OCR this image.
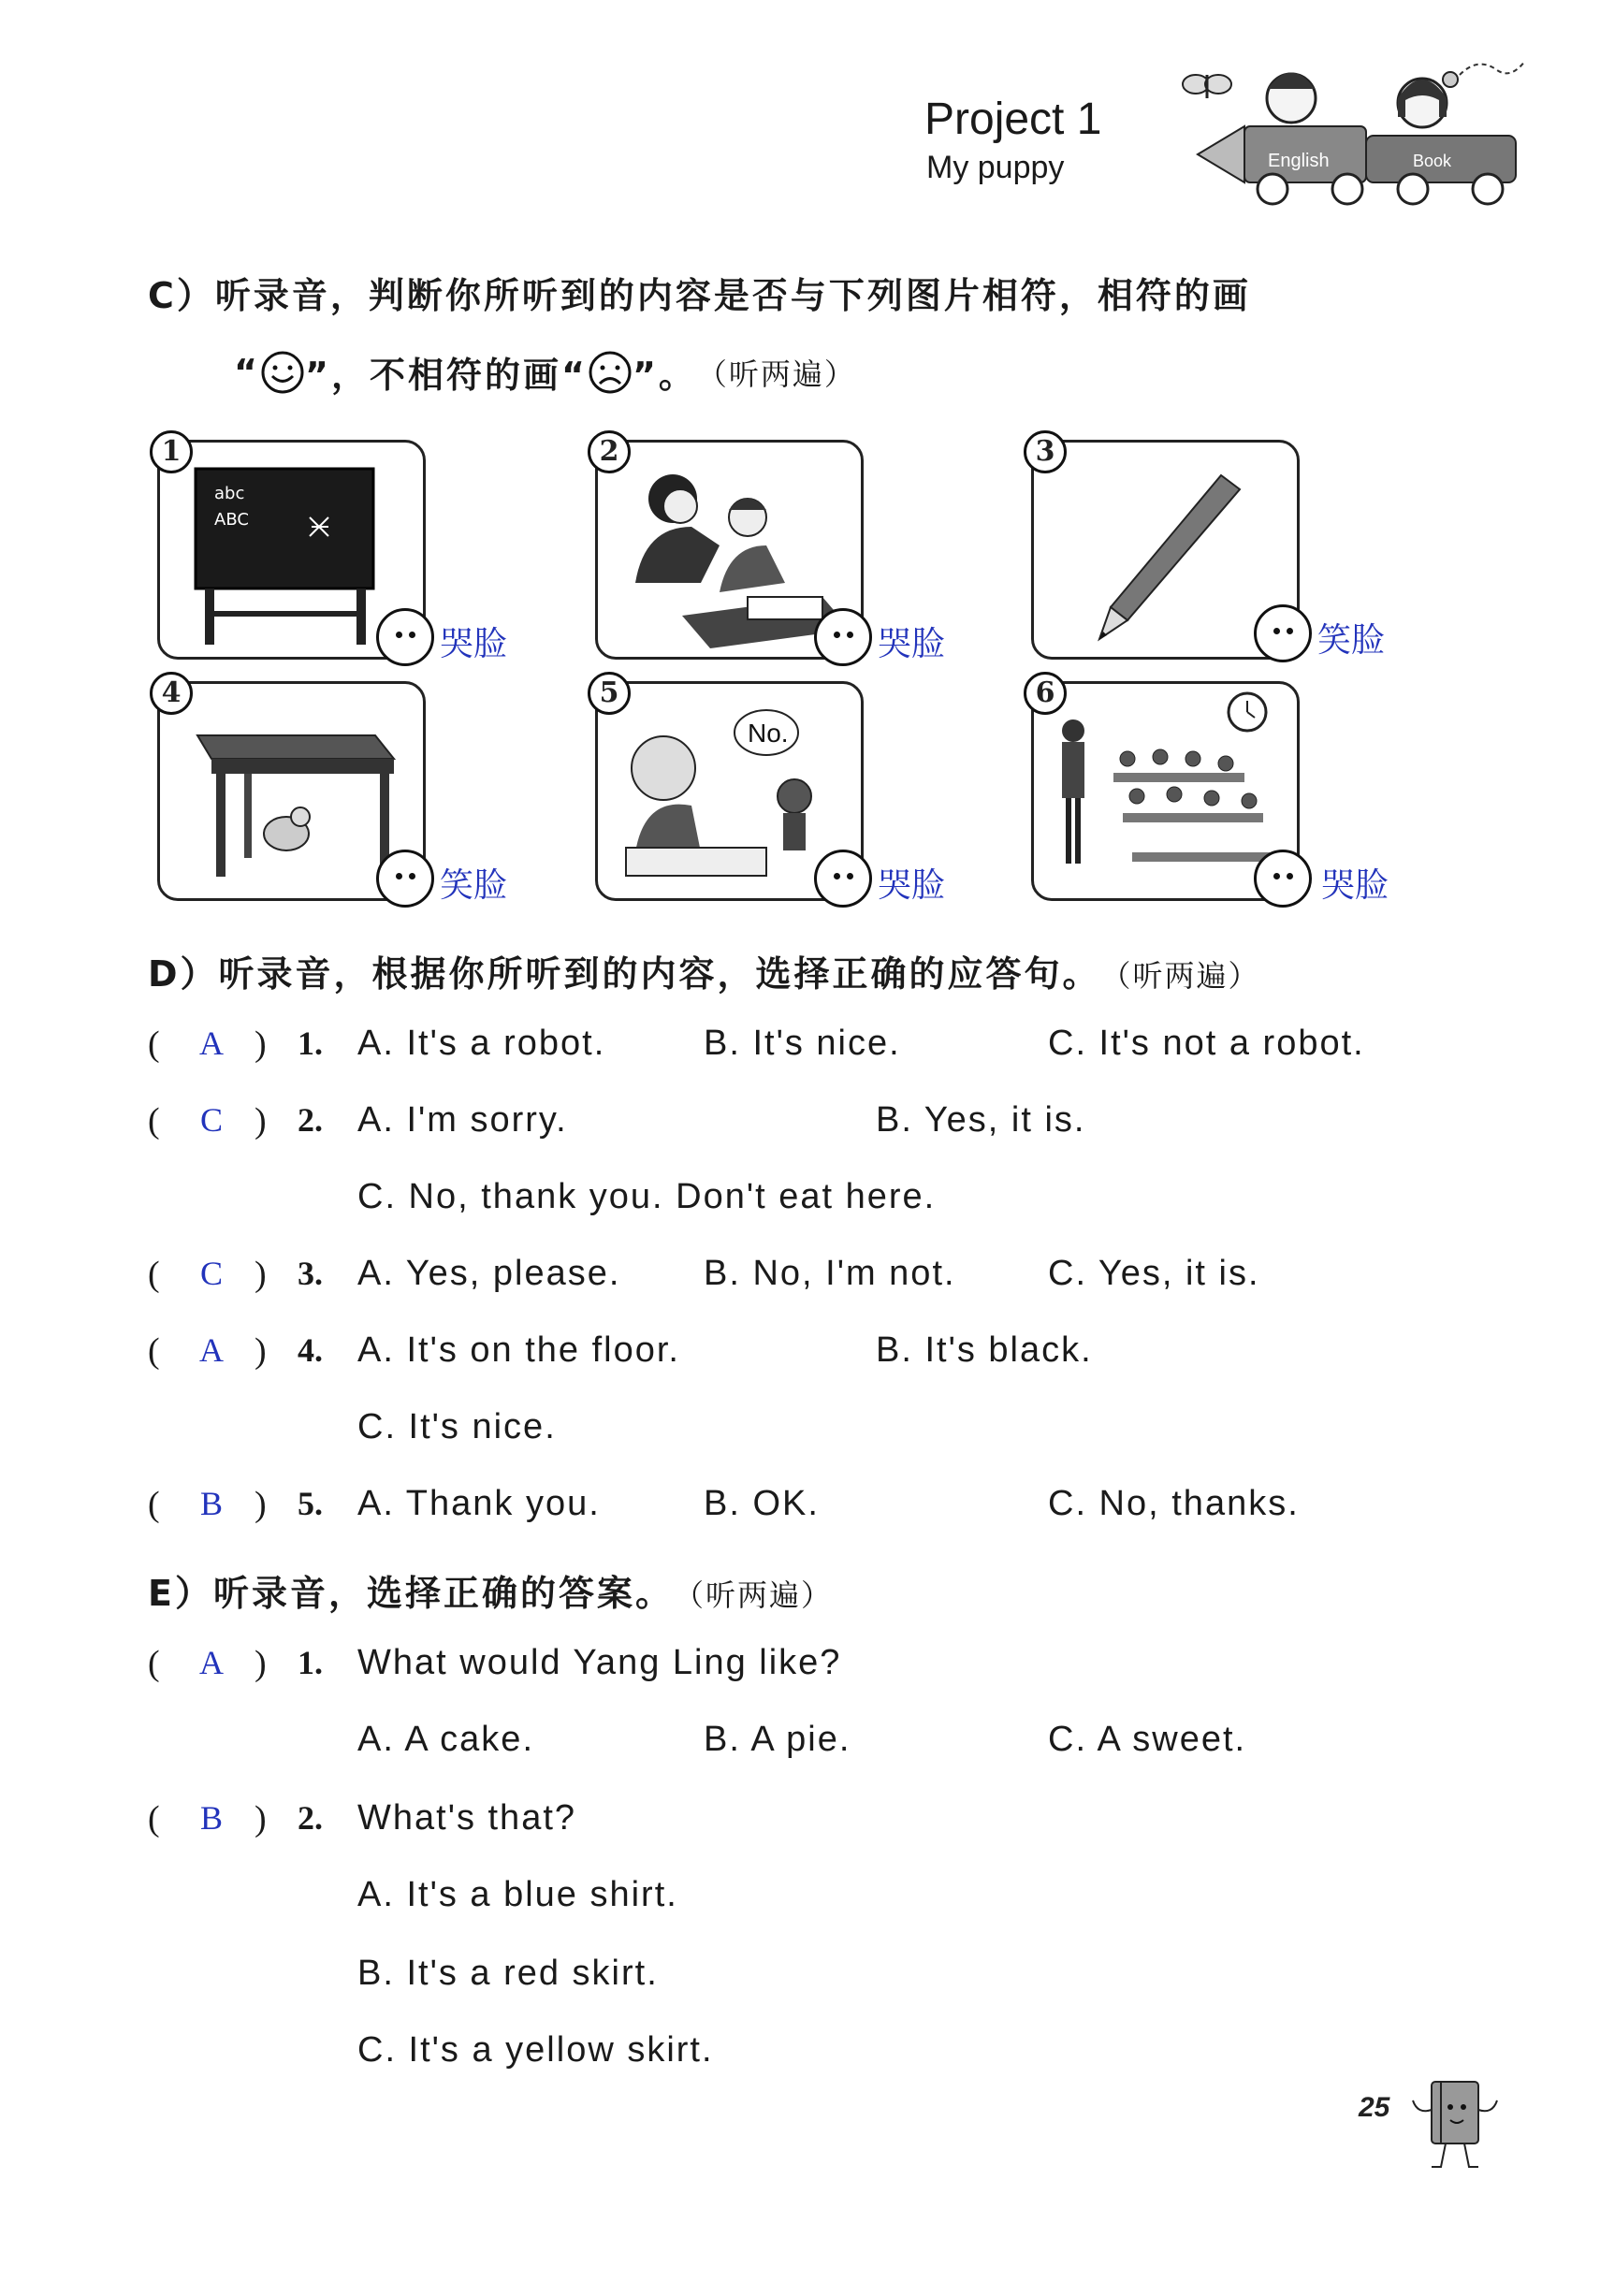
Project 1
My puppy	English	Book
C）听录音，判断你所听到的内容是否与下列图片相符，相符的画
“ ”，不相符的画“ ”。 （听两遍）
abc
ABC
1
哭脸
2
哭脸
3
笑脸
4
笑脸
No.
5
哭脸
6
哭脸
D）听录音，根据你所听到的内容，选择正确的应答句。 （听两遍）
(	A ) 1. A. It's a robot.	B. It's nice.	C. It's not a robot.
(	C ) 2. A. I'm sorry.	B. Yes, it is.
C. No, thank you. Don't eat here.
(	C ) 3. A. Yes, please. B. No, I'm not.	C. Yes, it is.
(	A ) 4. A. It's on the floor.	B. It's black.
C. It's nice.
(	B ) 5. A. Thank you.	B. OK.	C. No, thanks.
E）听录音，选择正确的答案。 （听两遍）
(	A ) 1. What would Yang Ling like?
A. A cake.	B. A pie.	C. A sweet.
(	B ) 2. What's that?
A. It's a blue shirt.
B. It's a red skirt.
C. It's a yellow skirt.
25
